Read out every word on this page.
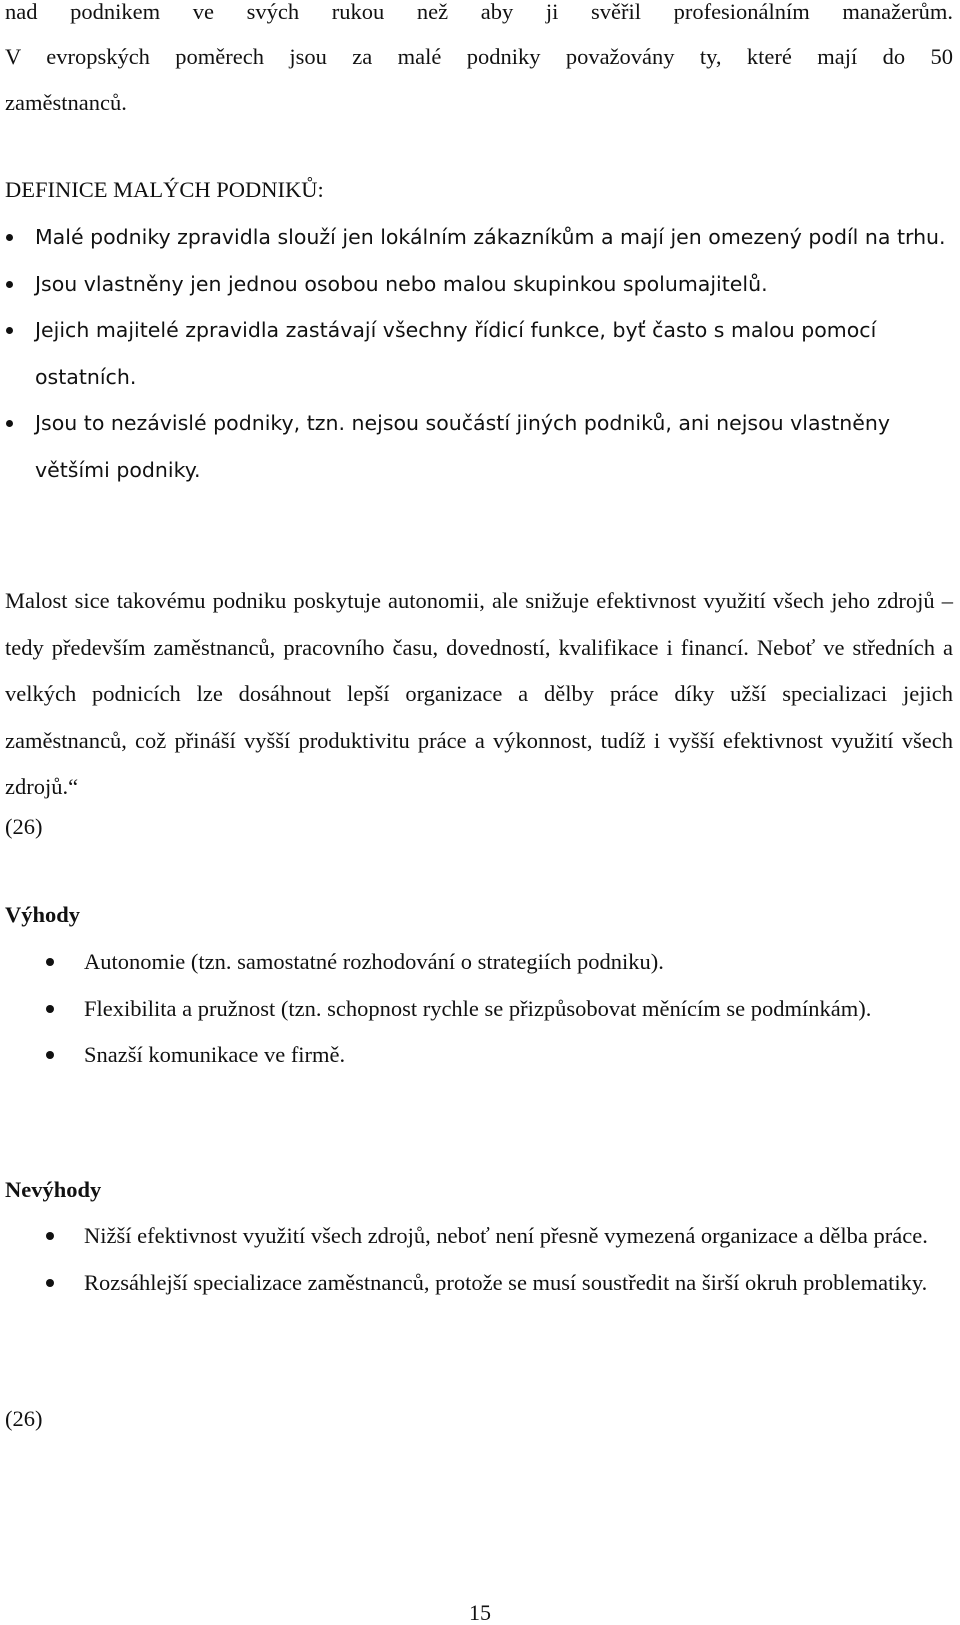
nad podnikem ve svých rukou než aby ji svěřil profesionálním manažerům.

V evropských poměrech jsou za malé podniky považovány ty, které mají do 50

zaměstnanců.

DEFINICE MALÝCH PODNIKŮ:
Malé podniky zpravidla slouží jen lokálním zákazníkům a mají jen omezený podíl na trhu.
Jsou vlastněny jen jednou osobou nebo malou skupinkou spolumajitelů.
Jejich majitelé zpravidla zastávají všechny řídicí funkce, byť často s malou pomocí ostatních.
Jsou to nezávislé podniky, tzn. nejsou součástí jiných podniků, ani nejsou vlastněny většími podniky.

Malost sice takovému podniku poskytuje autonomii, ale snižuje efektivnost využití všech jeho zdrojů – tedy především zaměstnanců, pracovního času, dovedností, kvalifikace i financí. Neboť ve středních a velkých podnicích lze dosáhnout lepší organizace a dělby práce díky užší specializaci jejich zaměstnanců, což přináší vyšší produktivitu práce a výkonnost, tudíž i vyšší efektivnost využití všech zdrojů.“

(26)

Výhody
Autonomie (tzn. samostatné rozhodování o strategiích podniku).
Flexibilita a pružnost (tzn. schopnost rychle se přizpůsobovat měnícím se podmínkám).
Snazší komunikace ve firmě.
Nevýhody
Nižší efektivnost využití všech zdrojů, neboť není přesně vymezená organizace a dělba práce.
Rozsáhlejší specializace zaměstnanců, protože se musí soustředit na širší okruh problematiky.

(26)

15
